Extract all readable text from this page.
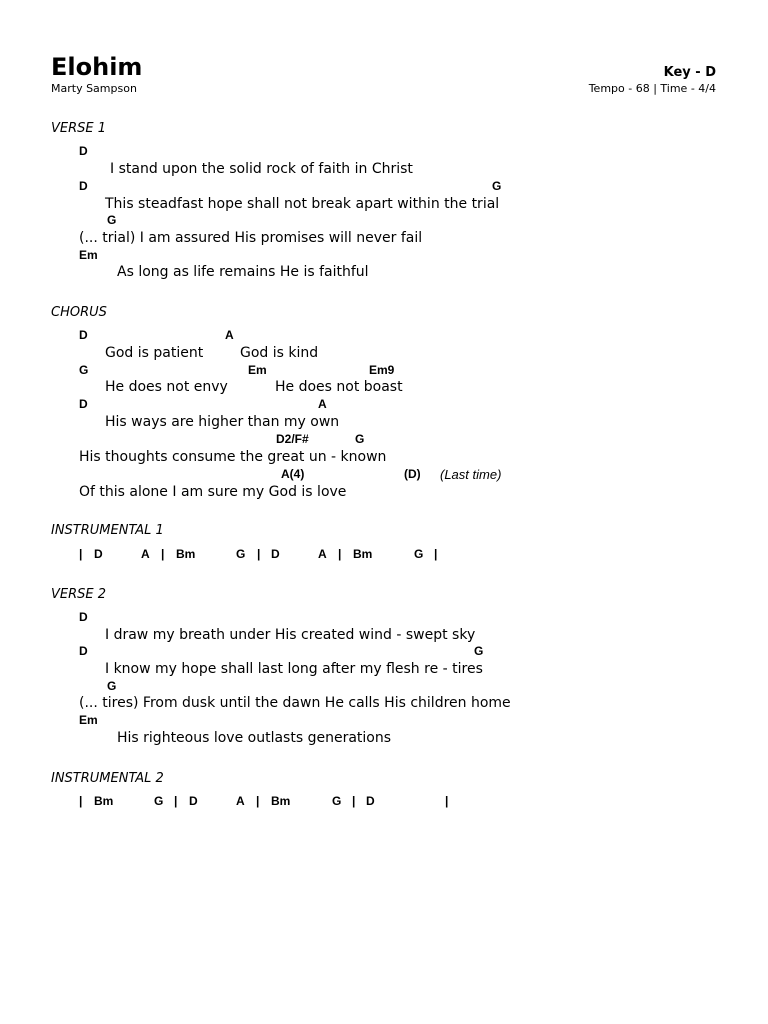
Elohim
Marty Sampson
Key - D
Tempo - 68 | Time - 4/4
VERSE 1
D
I stand upon the solid rock of faith in Christ
D	G
This steadfast hope shall not break apart within the trial
G
(... trial) I am assured His promises will never fail
Em
As long as life remains He is faithful
CHORUS
D	A
God is patient	God is kind
G	Em	Em9
He does not envy	He does not boast
D	A
His ways are higher than my own
D2/F#	G
His thoughts consume the great un - known
A(4)	(D) (Last time)
Of this alone I am sure my God is love
INSTRUMENTAL 1
| D	A | Bm	G | D	A | Bm	G |
VERSE 2
D
I draw my breath under His created wind - swept sky
D	G
I know my hope shall last long after my flesh re - tires
G
(... tires) From dusk until the dawn He calls His children home
Em
His righteous love outlasts generations
INSTRUMENTAL 2
| Bm	G | D	A | Bm	G | D	|
